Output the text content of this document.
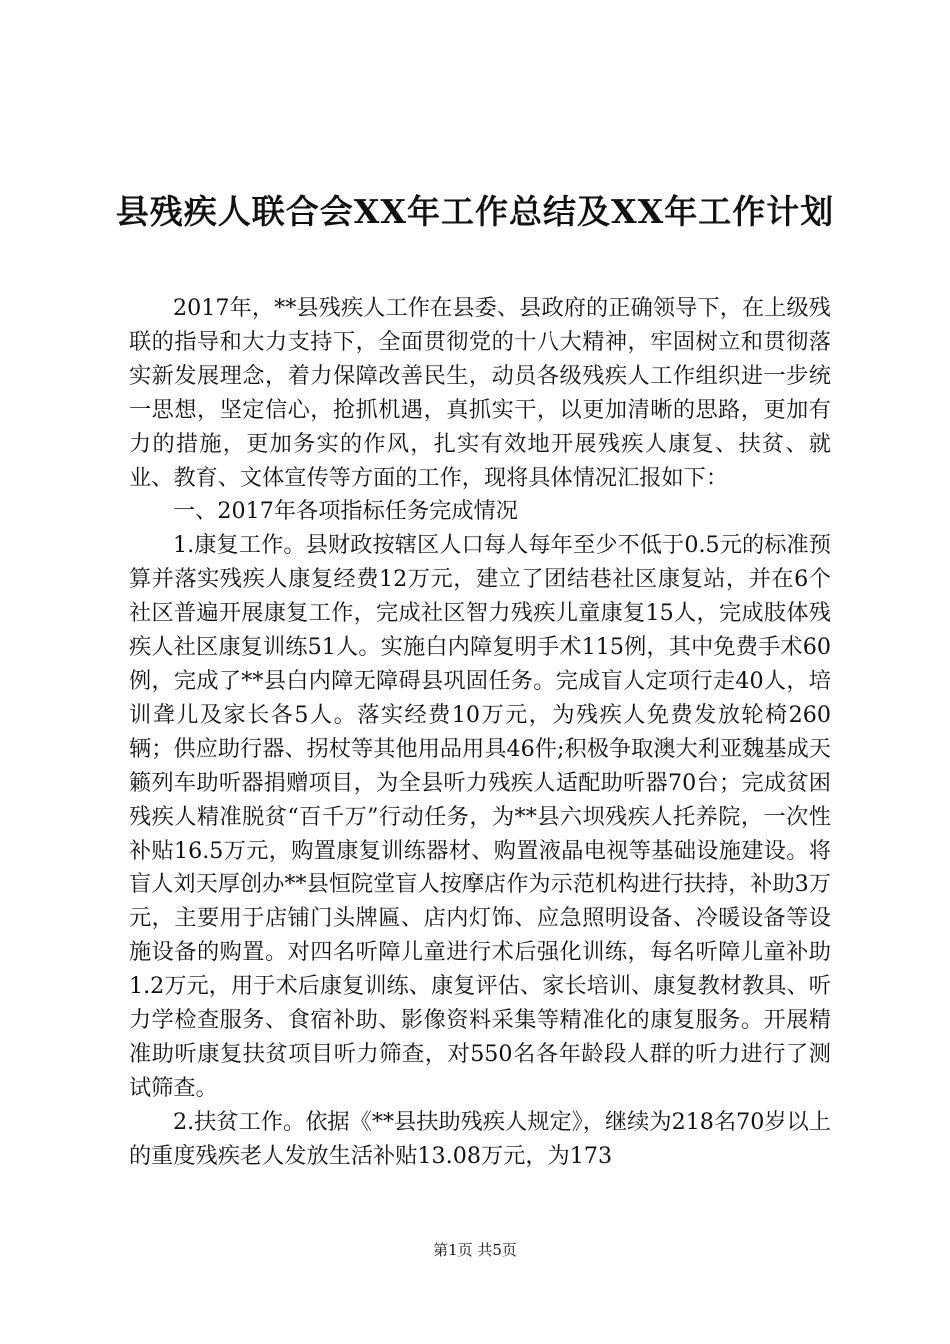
县残疾人联合会XX年工作总结及XX年工作计划

2017年，**县残疾人工作在县委、县政府的正确领导下，在上级残联的指导和大力支持下，全面贯彻党的十八大精神，牢固树立和贯彻落实新发展理念，着力保障改善民生，动员各级残疾人工作组织进一步统一思想，坚定信心，抢抓机遇，真抓实干，以更加清晰的思路，更加有力的措施，更加务实的作风，扎实有效地开展残疾人康复、扶贫、就业、教育、文体宣传等方面的工作，现将具体情况汇报如下：

一、2017年各项指标任务完成情况

1.康复工作。县财政按辖区人口每人每年至少不低于0.5元的标准预算并落实残疾人康复经费12万元，建立了团结巷社区康复站，并在6个社区普遍开展康复工作，完成社区智力残疾儿童康复15人，完成肢体残疾人社区康复训练51人。实施白内障复明手术115例，其中免费手术60例，完成了**县白内障无障碍县巩固任务。完成盲人定项行走40人，培训聋儿及家长各5人。落实经费10万元，为残疾人免费发放轮椅260辆；供应助行器、拐杖等其他用品用具46件;积极争取澳大利亚魏基成天籁列车助听器捐赠项目，为全县听力残疾人适配助听器70台；完成贫困残疾人精准脱贫“百千万”行动任务，为**县六坝残疾人托养院，一次性补贴16.5万元，购置康复训练器材、购置液晶电视等基础设施建设。将盲人刘天厚创办**县恒院堂盲人按摩店作为示范机构进行扶持，补助3万元，主要用于店铺门头牌匾、店内灯饰、应急照明设备、冷暖设备等设施设备的购置。对四名听障儿童进行术后强化训练，每名听障儿童补助1.2万元，用于术后康复训练、康复评估、家长培训、康复教材教具、听力学检查服务、食宿补助、影像资料采集等精准化的康复服务。开展精准助听康复扶贫项目听力筛查，对550名各年龄段人群的听力进行了测试筛查。

2.扶贫工作。依据《**县扶助残疾人规定》，继续为218名70岁以上的重度残疾老人发放生活补贴13.08万元，为173

第1页 共5页
